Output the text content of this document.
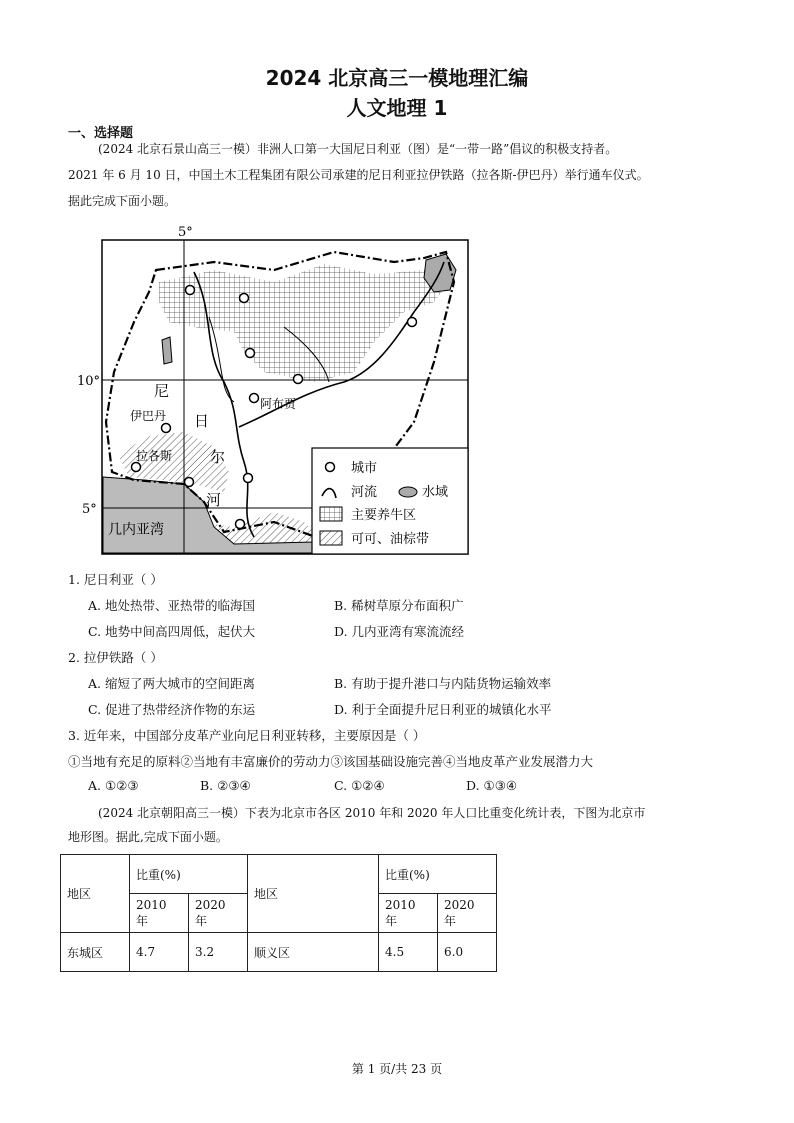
2024 北京高三一模地理汇编
人文地理 1
一、选择题
(2024 北京石景山高三一模）非洲人口第一大国尼日利亚（图）是“一带一路”倡议的积极支持者。
2021 年 6 月 10 日，中国土木工程集团有限公司承建的尼日利亚拉伊铁路（拉各斯-伊巴丹）举行通车仪式。
据此完成下面小题。
5°
10°
5°
尼
日
尔
河
伊巴丹
拉各斯
阿布贾
几内亚湾
城市
河流	水域
主要养牛区
可可、油棕带
1. 尼日利亚（ ）
A. 地处热带、亚热带的临海国	B. 稀树草原分布面积广
C. 地势中间高四周低，起伏大	D. 几内亚湾有寒流流经
2. 拉伊铁路（ ）
A. 缩短了两大城市的空间距离	B. 有助于提升港口与内陆货物运输效率
C. 促进了热带经济作物的东运	D. 利于全面提升尼日利亚的城镇化水平
3. 近年来，中国部分皮革产业向尼日利亚转移，主要原因是（ ）
①当地有充足的原料②当地有丰富廉价的劳动力③该国基础设施完善④当地皮革产业发展潜力大
A. ①②③	B. ②③④	C. ①②④	D. ①③④
(2024 北京朝阳高三一模）下表为北京市各区 2010 年和 2020 年人口比重变化统计表，下图为北京市
地形图。据此,完成下面小题。
地区	比重(%)		地区	比重(%)	
	2010 年	2020 年		2010 年	2020 年
东城区	4.7	3.2	顺义区	4.5	6.0
第 1 页/共 23 页
